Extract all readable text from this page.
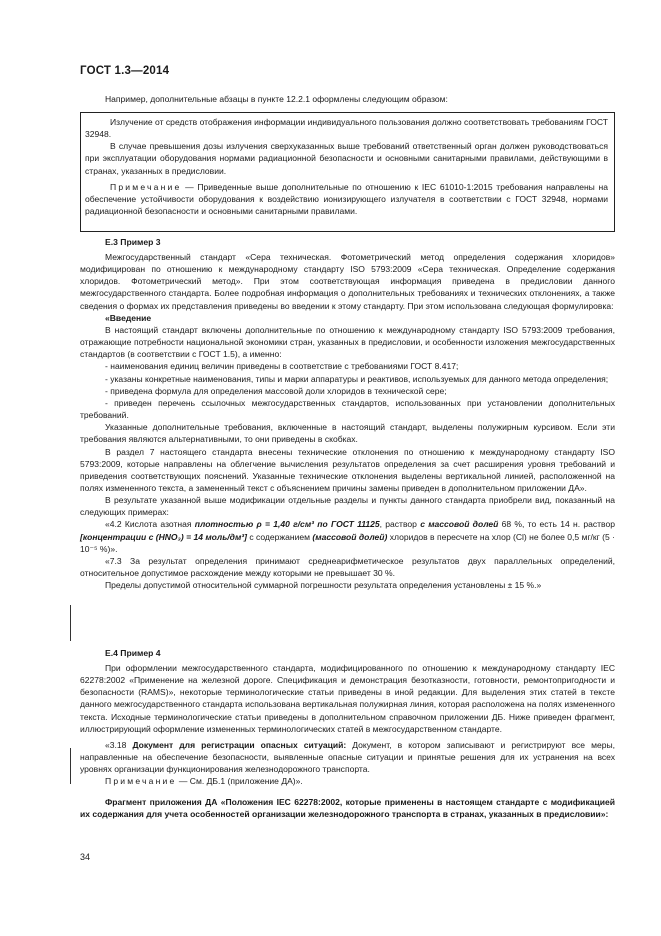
ГОСТ 1.3—2014
Например, дополнительные абзацы в пункте 12.2.1 оформлены следующим образом:

Излучение от средств отображения информации индивидуального пользования должно соответствовать требованиям ГОСТ 32948.

В случае превышения дозы излучения сверхуказанных выше требований ответственный орган должен руководствоваться при эксплуатации оборудования нормами радиационной безопасности и основными санитарными правилами, действующими в странах, указанных в предисловии.

Примечание — Приведенные выше дополнительные по отношению к IEC 61010-1:2015 требования направлены на обеспечение устойчивости оборудования к воздействию ионизирующего излучателя в соответствии с ГОСТ 32948, нормами радиационной безопасности и основными санитарными правилами.

Е.3 Пример 3

Межгосударственный стандарт «Сера техническая. Фотометрический метод определения содержания хлоридов» модифицирован по отношению к международному стандарту ISO 5793:2009 «Сера техническая. Определение содержания хлоридов. Фотометрический метод». При этом соответствующая информация приведена в предисловии данного межгосударственного стандарта. Более подробная информация о дополнительных требованиях и технических отклонениях, а также сведения о формах их представления приведены во введении к этому стандарту. При этом использована следующая формулировка:

«Введение

В настоящий стандарт включены дополнительные по отношению к международному стандарту ISO 5793:2009 требования, отражающие потребности национальной экономики стран, указанных в предисловии, и особенности изложения межгосударственных стандартов (в соответствии с ГОСТ 1.5), а именно:

- наименования единиц величин приведены в соответствие с требованиями ГОСТ 8.417;

- указаны конкретные наименования, типы и марки аппаратуры и реактивов, используемых для данного метода определения;

- приведена формула для определения массовой доли хлоридов в технической сере;

- приведен перечень ссылочных межгосударственных стандартов, использованных при установлении дополнительных требований.

Указанные дополнительные требования, включенные в настоящий стандарт, выделены полужирным курсивом. Если эти требования являются альтернативными, то они приведены в скобках.

В раздел 7 настоящего стандарта внесены технические отклонения по отношению к международному стандарту ISO 5793:2009, которые направлены на облегчение вычисления результатов определения за счет расширения уровня требований и приведения соответствующих пояснений. Указанные технические отклонения выделены вертикальной линией, расположенной на полях измененного текста, а замененный текст с объяснением причины замены приведен в дополнительном приложении ДА».

В результате указанной выше модификации отдельные разделы и пункты данного стандарта приобрели вид, показанный на следующих примерах:

«4.2 Кислота азотная плотностью ρ = 1,40 г/см³ по ГОСТ 11125, раствор с массовой долей 68 %, то есть 14 н. раствор [концентрации с (HNO₃) = 14 моль/дм³] с содержанием (массовой долей) хлоридов в пересчете на хлор (Cl) не более 0,5 мг/кг (5 · 10⁻⁵ %)».

«7.3 За результат определения принимают среднеарифметическое результатов двух параллельных определений, относительное допустимое расхождение между которыми не превышает 30 %.

Пределы допустимой относительной суммарной погрешности результата определения установлены ± 15 %.»

Е.4 Пример 4

При оформлении межгосударственного стандарта, модифицированного по отношению к международному стандарту IEC 62278:2002 «Применение на железной дороге. Спецификация и демонстрация безотказности, готовности, ремонтопригодности и безопасности (RAMS)», некоторые терминологические статьи приведены в иной редакции. Для выделения этих статей в тексте данного межгосударственного стандарта использована вертикальная полужирная линия, которая расположена на полях измененного текста. Исходные терминологические статьи приведены в дополнительном справочном приложении ДБ. Ниже приведен фрагмент, иллюстрирующий оформление измененных терминологических статей в межгосударственном стандарте.

«3.18 Документ для регистрации опасных ситуаций: Документ, в котором записывают и регистрируют все меры, направленные на обеспечение безопасности, выявленные опасные ситуации и принятые решения для их устранения на всех уровнях организации функционирования железнодорожного транспорта.

Примечание — См. ДБ.1 (приложение ДА)».

Фрагмент приложения ДА «Положения IEC 62278:2002, которые применены в настоящем стандарте с модификацией их содержания для учета особенностей организации железнодорожного транспорта в странах, указанных в предисловии»:

34
